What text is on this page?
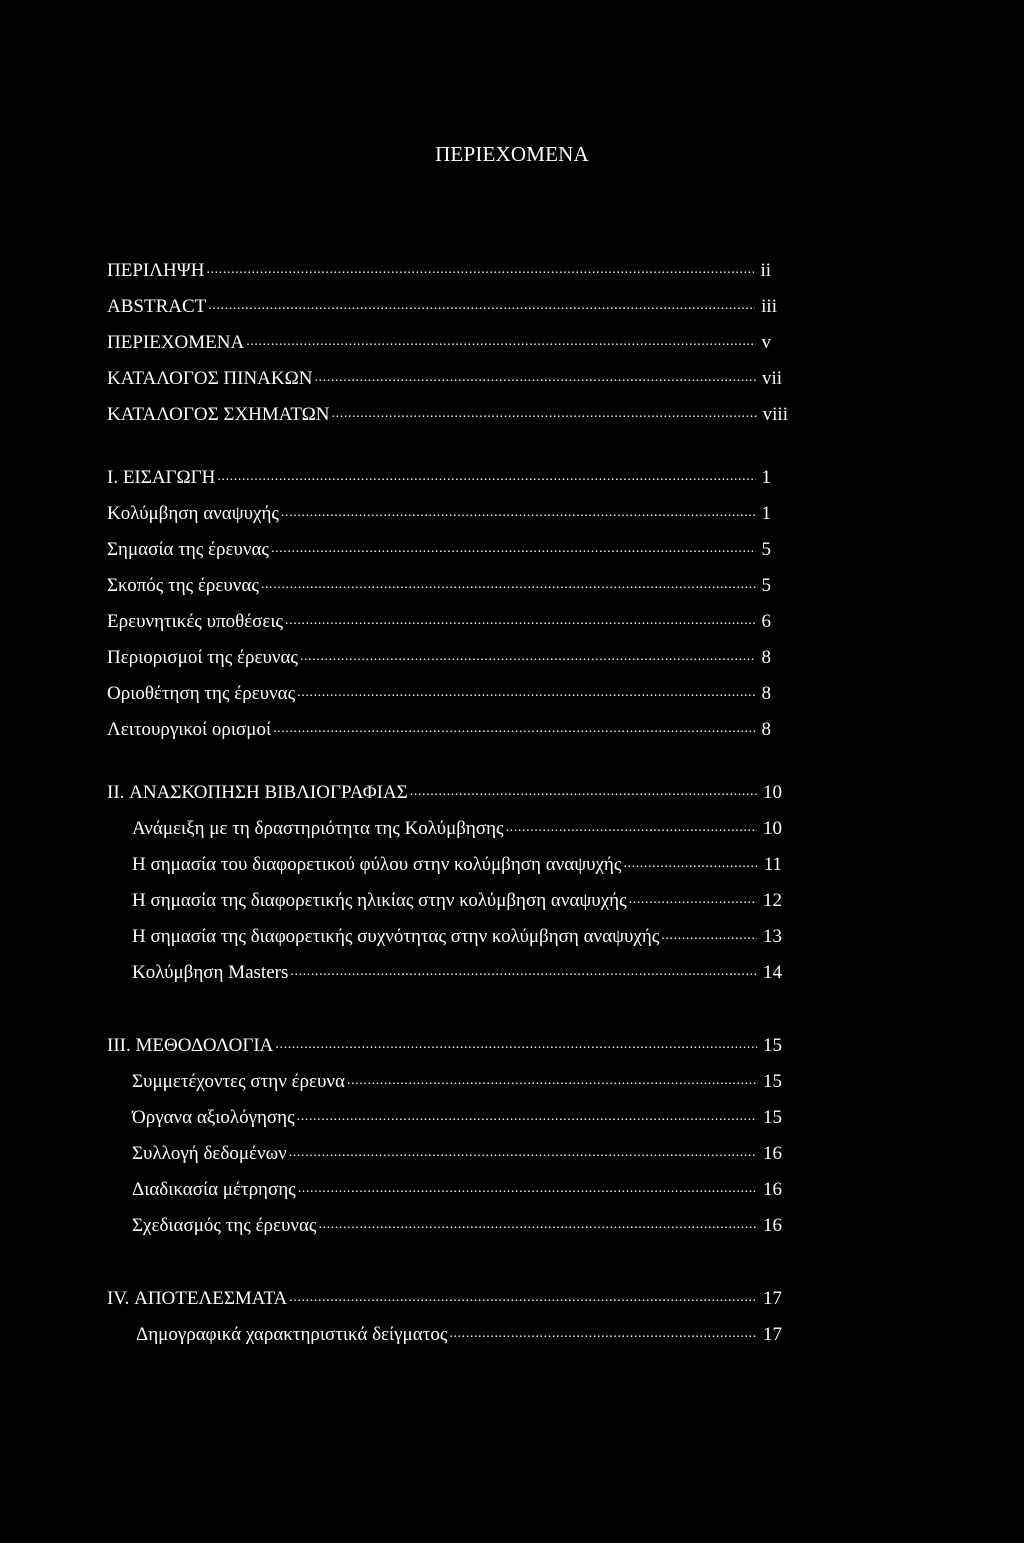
ΠΕΡΙΕΧΟΜΕΝΑ
ΠΕΡΙΛΗΨΗ .....	ii
ABSTRACT .....	iii
ΠΕΡΙΕΧΟΜΕΝΑ .....	v
ΚΑΤΑΛΟΓΟΣ ΠΙΝΑΚΩΝ .....	vii
ΚΑΤΑΛΟΓΟΣ ΣΧΗΜΑΤΩΝ .....	viii
I. ΕΙΣΑΓΩΓΗ .....	1
Κολύμβηση αναψυχής .....	1
Σημασία της έρευνας .....	5
Σκοπός της έρευνας .....	5
Ερευνητικές υποθέσεις .....	6
Περιορισμοί της έρευνας .....	8
Οριοθέτηση της έρευνας .....	8
Λειτουργικοί ορισμοί .....	8
II. ΑΝΑΣΚΟΠΗΣΗ ΒΙΒΛΙΟΓΡΑΦΙΑΣ .....	10
Ανάμειξη με τη δραστηριότητα της Κολύμβησης .....	10
Η σημασία του διαφορετικού φύλου στην κολύμβηση αναψυχής .....	11
Η σημασία της διαφορετικής ηλικίας στην κολύμβηση αναψυχής .....	12
Η σημασία της διαφορετικής συχνότητας στην κολύμβηση αναψυχής .....	13
Κολύμβηση Masters .....	14
III. ΜΕΘΟΔΟΛΟΓΙΑ .....	15
Συμμετέχοντες στην έρευνα .....	15
Όργανα αξιολόγησης .....	15
Συλλογή δεδομένων .....	16
Διαδικασία μέτρησης .....	16
Σχεδιασμός της έρευνας .....	16
IV. ΑΠΟΤΕΛΕΣΜΑΤΑ .....	17
Δημογραφικά χαρακτηριστικά δείγματος .....	17
